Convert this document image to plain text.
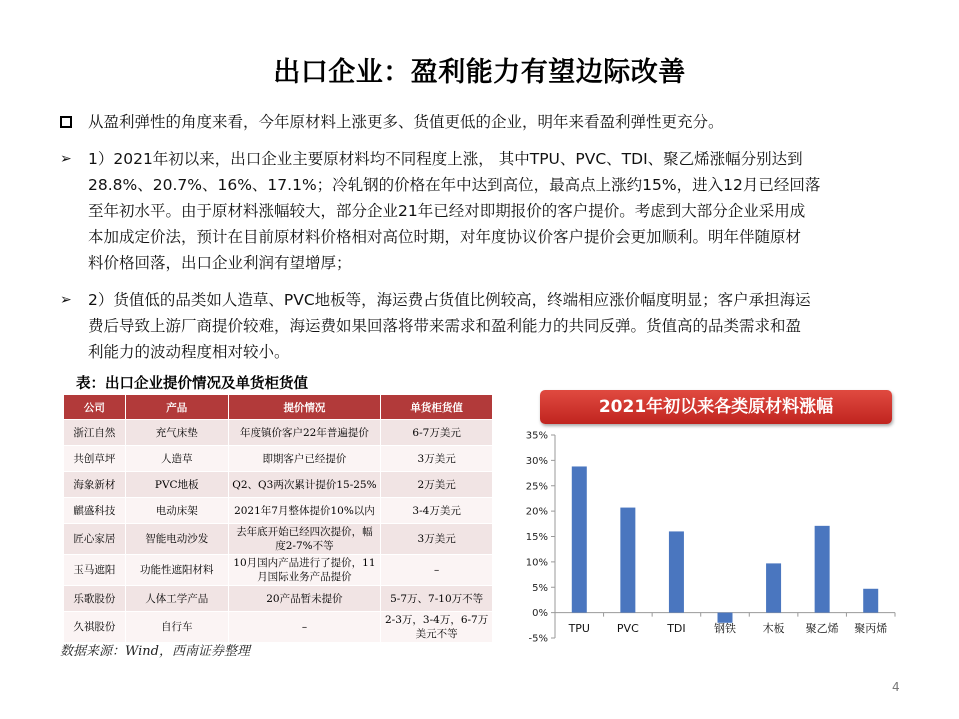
出口企业：盈利能力有望边际改善
从盈利弹性的角度来看，今年原材料上涨更多、货值更低的企业，明年来看盈利弹性更充分。
➢	1）2021年初以来，出口企业主要原材料均不同程度上涨， 其中TPU、PVC、TDI、聚乙烯涨幅分别达到
28.8%、20.7%、16%、17.1%；冷轧钢的价格在年中达到高位，最高点上涨约15%，进入12月已经回落
至年初水平。由于原材料涨幅较大，部分企业21年已经对即期报价的客户提价。考虑到大部分企业采用成
本加成定价法，预计在目前原材料价格相对高位时期，对年度协议价客户提价会更加顺利。明年伴随原材
料价格回落，出口企业利润有望增厚；
➢	2）货值低的品类如人造草、PVC地板等，海运费占货值比例较高，终端相应涨价幅度明显；客户承担海运
费后导致上游厂商提价较难，海运费如果回落将带来需求和盈利能力的共同反弹。货值高的品类需求和盈
利能力的波动程度相对较小。
表：出口企业提价情况及单货柜货值
公司	产品	提价情况	单货柜货值
浙江自然	充气床垫	年度镇价客户22年普遍提价	6-7万美元
共创草坪	人造草	即期客户已经提价	3万美元
海象新材	PVC地板	Q2、Q3两次累计提价15-25%	2万美元
麒盛科技	电动床架	2021年7月整体提价10%以内	3-4万美元
匠心家居	智能电动沙发	去年底开始已经四次提价，幅度2-7%不等	3万美元
玉马遮阳	功能性遮阳材料	10月国内产品进行了提价，11月国际业务产品提价	–
乐歌股份	人体工学产品	20产品暂未提价	5-7万、7-10万不等
久祺股份	自行车	–	2-3万，3-4万，6-7万美元不等
数据来源：Wind，西南证券整理
2021年初以来各类原材料涨幅
-5%
0%
5%
10%
15%
20%
25%
30%
35%
TPU PVC	TDI	钢铁 木板 聚乙烯 聚丙烯
4
